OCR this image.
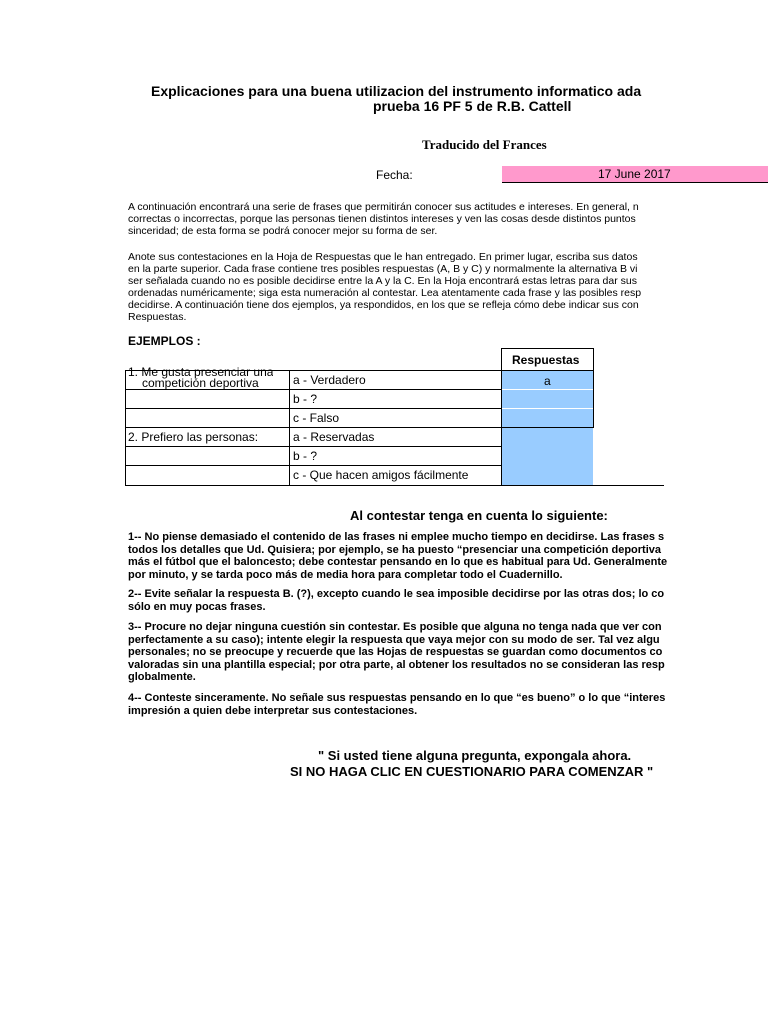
Explicaciones para una buena utilizacion del instrumento informatico ada
prueba 16 PF 5 de R.B. Cattell
Traducido del Frances
Fecha:	17 June 2017
A continuación encontrará una serie de frases que permitirán conocer sus actitudes e intereses. En general, n
correctas o incorrectas, porque las personas tienen distintos intereses y ven las cosas desde distintos puntos
sinceridad; de esta forma se podrá conocer mejor su forma de ser.
Anote sus contestaciones en la Hoja de Respuestas que le han entregado. En primer lugar, escriba sus datos
en la parte superior. Cada frase contiene tres posibles respuestas (A, B y C) y normalmente la alternativa B vi
ser señalada cuando no es posible decidirse entre la A y la C. En la Hoja encontrará estas letras para dar sus
ordenadas numéricamente; siga esta numeración al contestar. Lea atentamente cada frase y las posibles resp
decidirse. A continuación tiene dos ejemplos, ya respondidos, en los que se refleja cómo debe indicar sus con
Respuestas.
EJEMPLOS :
Respuestas
1. Me gusta presenciar una
competición deportiva
2. Prefiero las personas:
a - Verdadero
b - ?
c - Falso
a - Reservadas
b - ?
c - Que hacen amigos fácilmente
a
Al contestar tenga en cuenta lo siguiente:
1-- No piense demasiado el contenido de las frases ni emplee mucho tiempo en decidirse. Las frases s
todos los detalles que Ud. Quisiera; por ejemplo, se ha puesto “presenciar una competición deportiva
más el fútbol que el baloncesto; debe contestar pensando en lo que es habitual para Ud. Generalmente
por minuto, y se tarda poco más de media hora para completar todo el Cuadernillo.
2-- Evite señalar la respuesta B. (?), excepto cuando le sea imposible decidirse por las otras dos; lo co
sólo en muy pocas frases.
3-- Procure no dejar ninguna cuestión sin contestar. Es posible que alguna no tenga nada que ver con
perfectamente a su caso); intente elegir la respuesta que vaya mejor con su modo de ser. Tal vez algu
personales; no se preocupe y recuerde que las Hojas de respuestas se guardan como documentos co
valoradas sin una plantilla especial; por otra parte, al obtener los resultados no se consideran las resp
globalmente.
4-- Conteste sinceramente. No señale sus respuestas pensando en lo que “es bueno” o lo que “interes
impresión a quien debe interpretar sus contestaciones.
" Si usted tiene alguna pregunta, expongala ahora.
SI NO HAGA CLIC EN CUESTIONARIO PARA COMENZAR "
